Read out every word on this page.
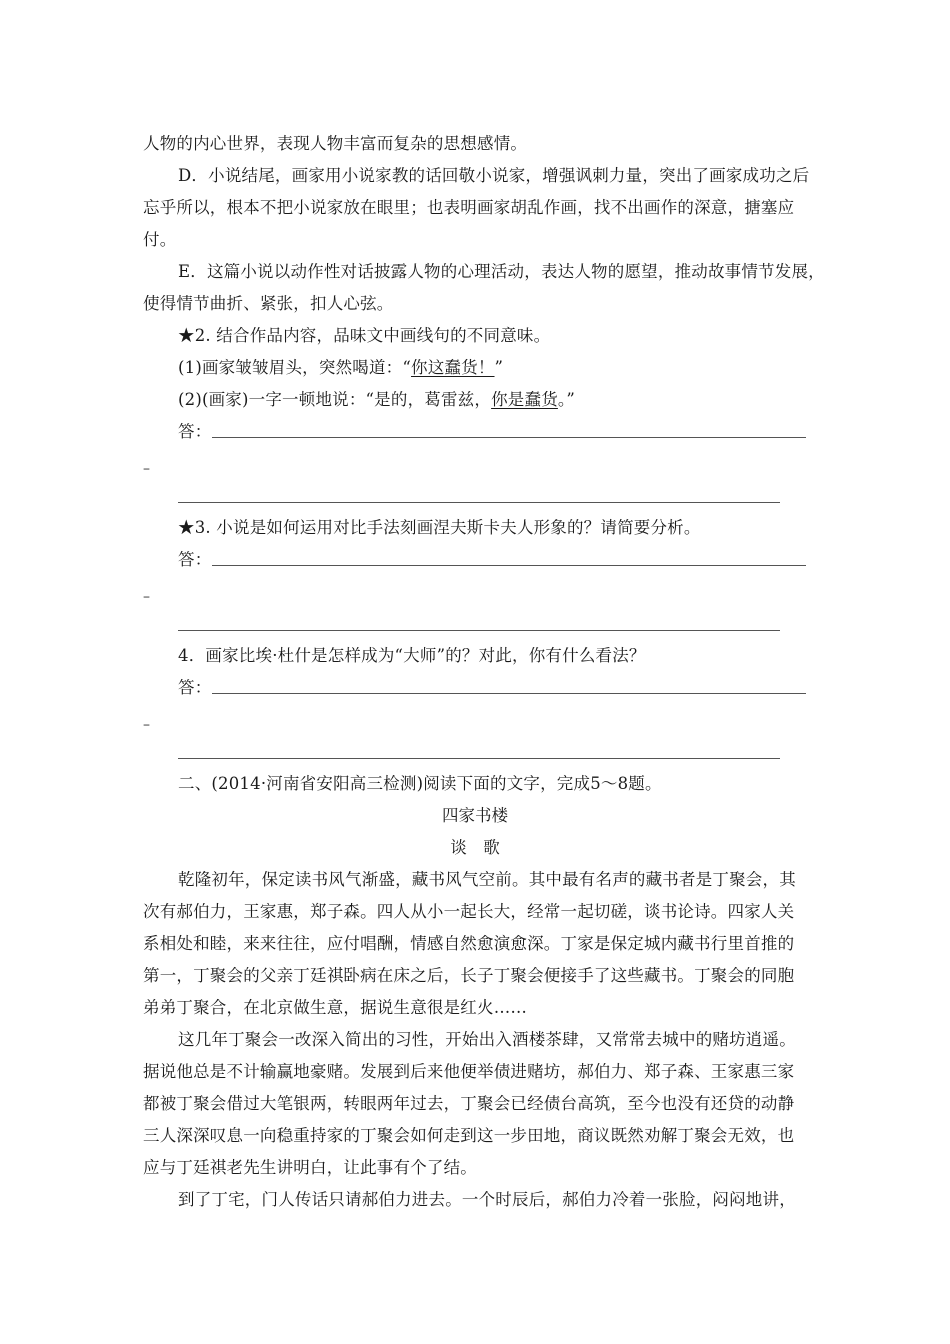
人物的内心世界，表现人物丰富而复杂的思想感情。
D．小说结尾，画家用小说家教的话回敬小说家，增强讽刺力量，突出了画家成功之后
忘乎所以，根本不把小说家放在眼里；也表明画家胡乱作画，找不出画作的深意，搪塞应
付。
E．这篇小说以动作性对话披露人物的心理活动，表达人物的愿望，推动故事情节发展，
使得情节曲折、紧张，扣人心弦。
★2. 结合作品内容，品味文中画线句的不同意味。
(1)画家皱皱眉头，突然喝道：“你这蠢货！”
(2)(画家)一字一顿地说：“是的，葛雷兹，你是蠢货。”
答：
–
★3. 小说是如何运用对比手法刻画涅夫斯卡夫人形象的？请简要分析。
答：
–
4．画家比埃·杜什是怎样成为“大师”的？对此，你有什么看法？
答：
–
二、(2014·河南省安阳高三检测)阅读下面的文字，完成5～8题。
四家书楼
谈　歌
乾隆初年，保定读书风气渐盛，藏书风气空前。其中最有名声的藏书者是丁聚会，其
次有郝伯力，王家惠，郑子森。四人从小一起长大，经常一起切磋，谈书论诗。四家人关
系相处和睦，来来往往，应付唱酬，情感自然愈演愈深。丁家是保定城内藏书行里首推的
第一，丁聚会的父亲丁廷祺卧病在床之后，长子丁聚会便接手了这些藏书。丁聚会的同胞
弟弟丁聚合，在北京做生意，据说生意很是红火……
这几年丁聚会一改深入简出的习性，开始出入酒楼茶肆，又常常去城中的赌坊逍遥。
据说他总是不计输赢地豪赌。发展到后来他便举债进赌坊，郝伯力、郑子森、王家惠三家
都被丁聚会借过大笔银两，转眼两年过去，丁聚会已经债台高筑，至今也没有还贷的动静
三人深深叹息一向稳重持家的丁聚会如何走到这一步田地，商议既然劝解丁聚会无效，也
应与丁廷祺老先生讲明白，让此事有个了结。
到了丁宅，门人传话只请郝伯力进去。一个时辰后，郝伯力冷着一张脸，闷闷地讲，
